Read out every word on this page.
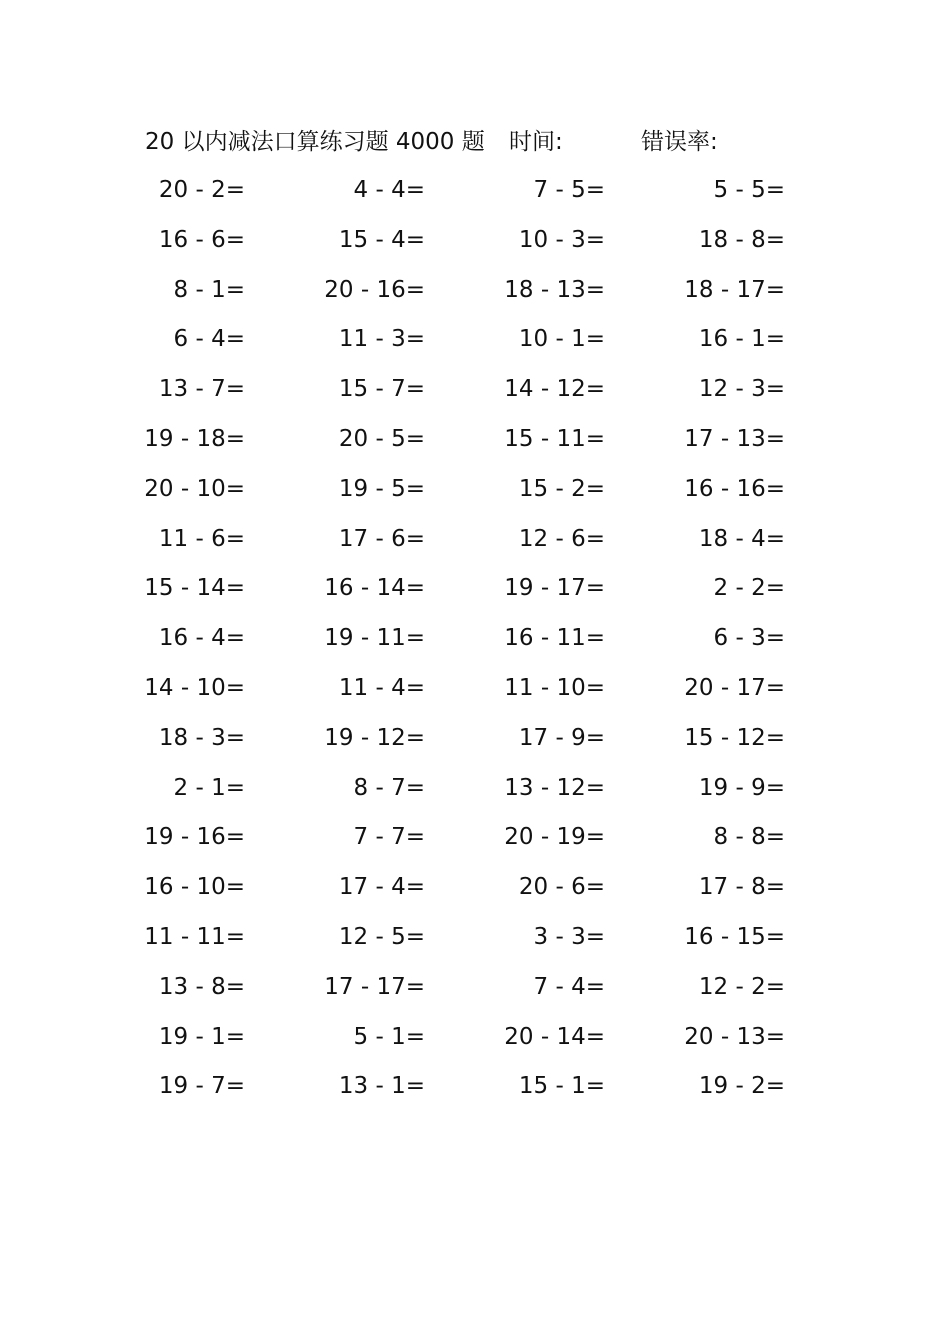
20 以内减法口算练习题 4000 题 时间:	错误率:
20 - 2=	4 - 4=	7 - 5=	5 - 5=
16 - 6=	15 - 4=	10 - 3=	18 - 8=
8 - 1=	20 - 16=	18 - 13=	18 - 17=
6 - 4=	11 - 3=	10 - 1=	16 - 1=
13 - 7=	15 - 7=	14 - 12=	12 - 3=
19 - 18=	20 - 5=	15 - 11=	17 - 13=
20 - 10=	19 - 5=	15 - 2=	16 - 16=
11 - 6=	17 - 6=	12 - 6=	18 - 4=
15 - 14=	16 - 14=	19 - 17=	2 - 2=
16 - 4=	19 - 11=	16 - 11=	6 - 3=
14 - 10=	11 - 4=	11 - 10=	20 - 17=
18 - 3=	19 - 12=	17 - 9=	15 - 12=
2 - 1=	8 - 7=	13 - 12=	19 - 9=
19 - 16=	7 - 7=	20 - 19=	8 - 8=
16 - 10=	17 - 4=	20 - 6=	17 - 8=
11 - 11=	12 - 5=	3 - 3=	16 - 15=
13 - 8=	17 - 17=	7 - 4=	12 - 2=
19 - 1=	5 - 1=	20 - 14=	20 - 13=
19 - 7=	13 - 1=	15 - 1=	19 - 2=
